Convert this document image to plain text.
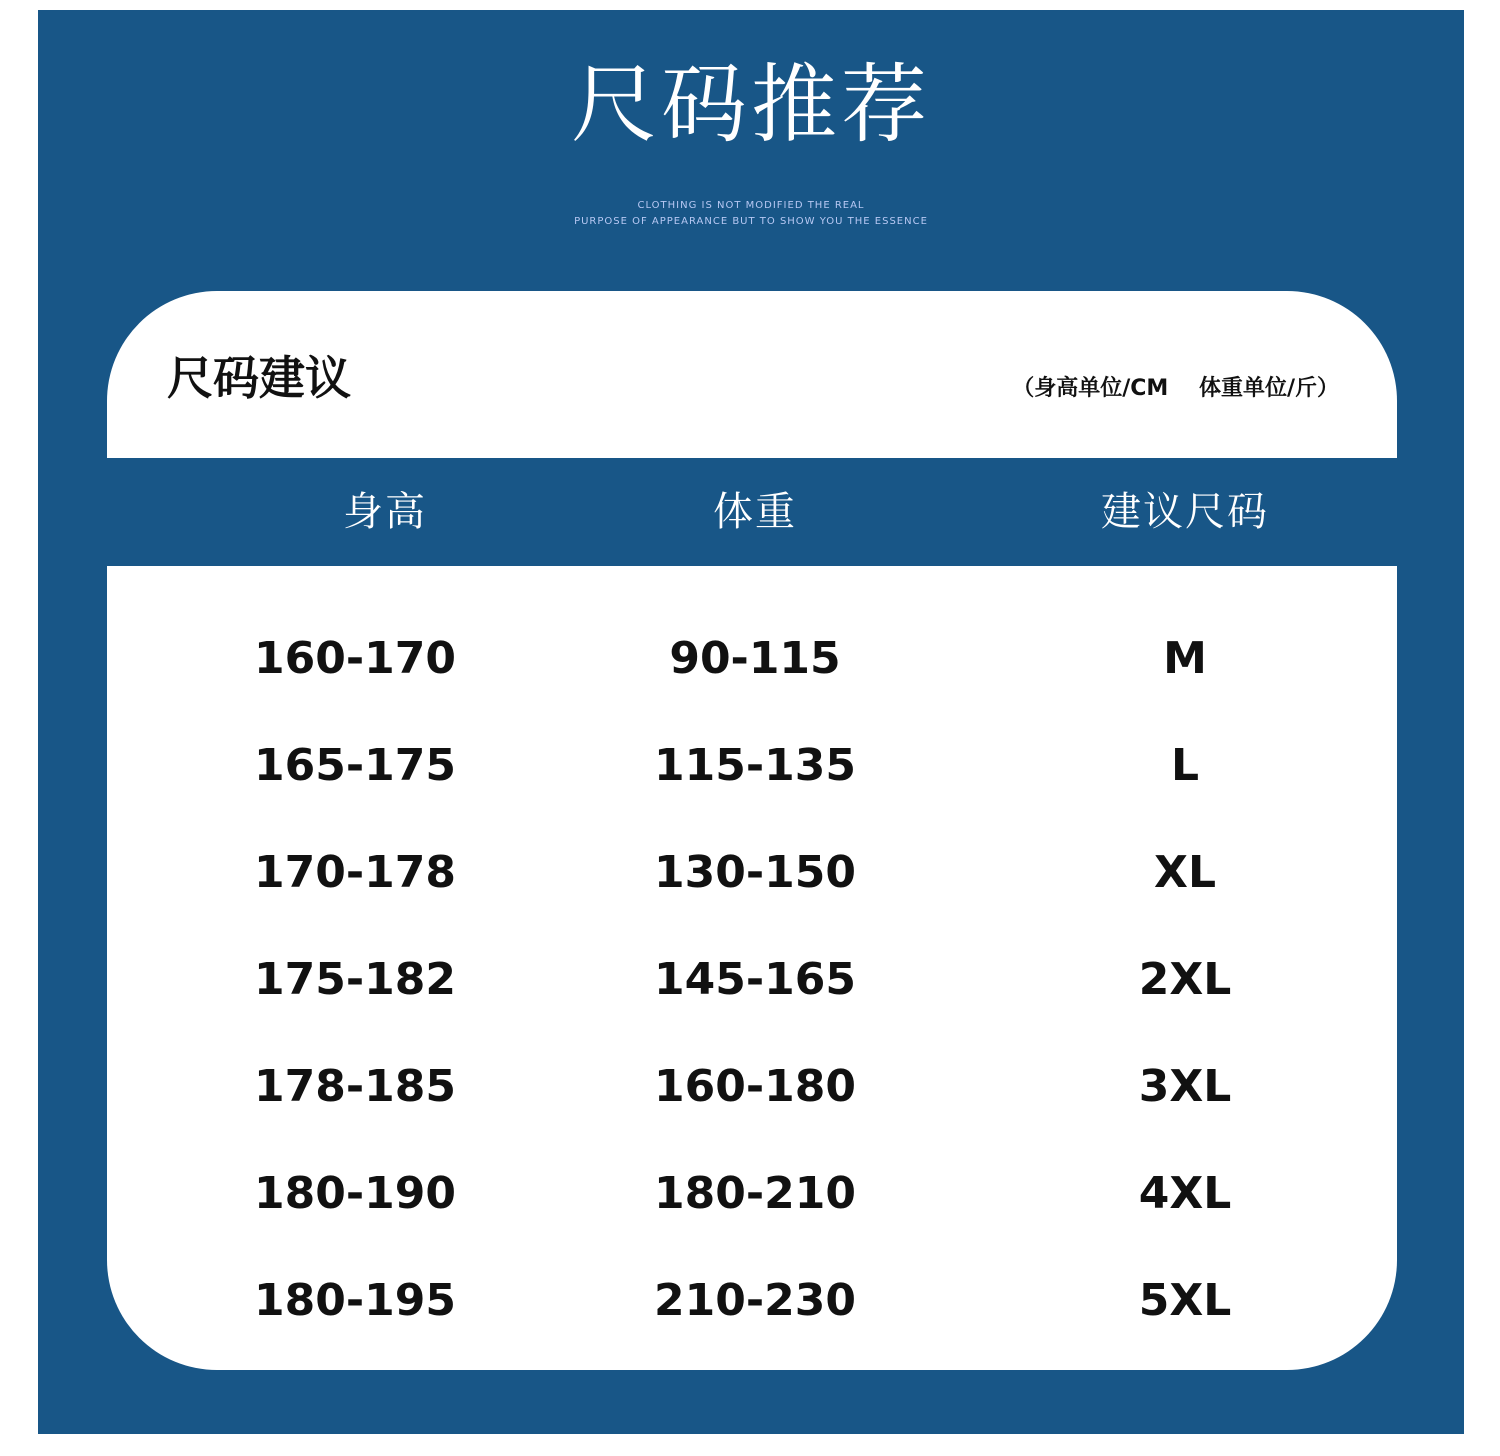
尺码推荐
CLOTHING IS NOT MODIFIED THE REAL
PURPOSE OF APPEARANCE BUT TO SHOW YOU THE ESSENCE
尺码建议	（身高单位/CM    体重单位/斤）
身高	体重	建议尺码
160-170	90-115	M
165-175	115-135	L
170-178	130-150	XL
175-182	145-165	2XL
178-185	160-180	3XL
180-190	180-210	4XL
180-195	210-230	5XL
